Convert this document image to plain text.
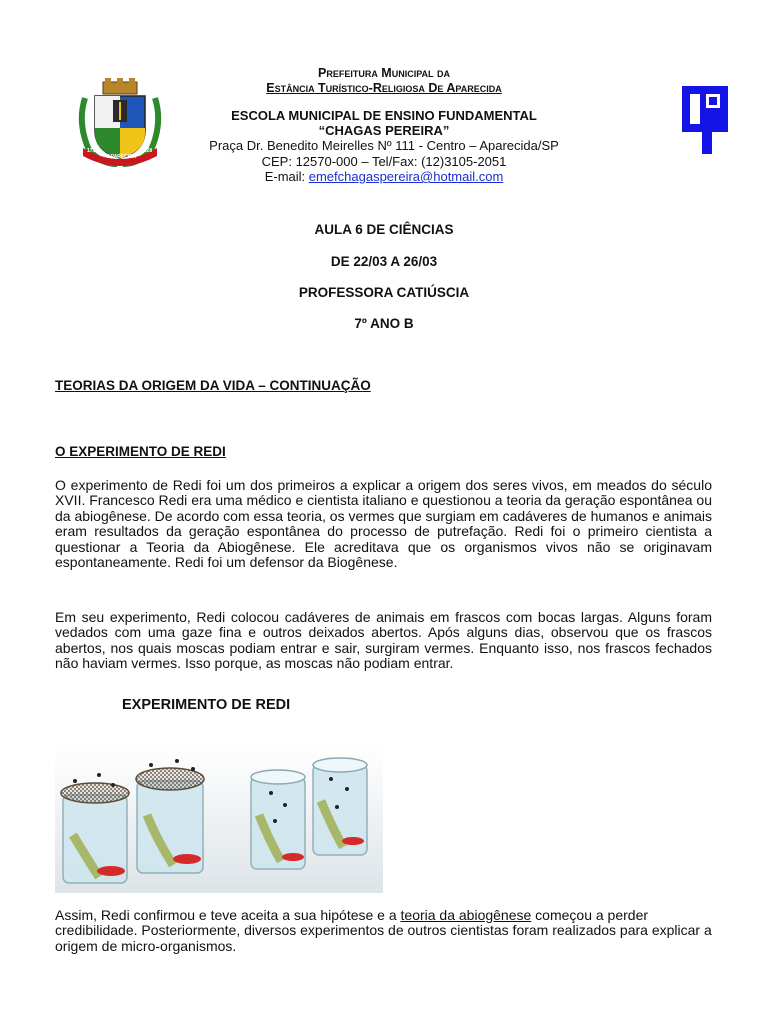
1717
APARECIDA
1928
Prefeitura Municipal da
Estância Turístico-Religiosa De Aparecida
ESCOLA MUNICIPAL DE ENSINO FUNDAMENTAL
“CHAGAS PEREIRA”
Praça Dr. Benedito Meirelles Nº 111 - Centro – Aparecida/SP
CEP: 12570-000 – Tel/Fax: (12)3105-2051
E-mail: emefchagaspereira@hotmail.com
AULA 6 DE CIÊNCIAS
DE 22/03 A 26/03
PROFESSORA CATIÚSCIA
7º ANO B
TEORIAS DA ORIGEM DA VIDA – CONTINUAÇÃO
O EXPERIMENTO DE REDI
O experimento de Redi foi um dos primeiros a explicar a origem dos seres vivos, em meados do século XVII. Francesco Redi era uma médico e cientista italiano e questionou a teoria da geração espontânea ou da abiogênese. De acordo com essa teoria, os vermes que surgiam em cadáveres de humanos e animais eram resultados da geração espontânea do processo de putrefação. Redi foi o primeiro cientista a questionar a Teoria da Abiogênese. Ele acreditava que os organismos vivos não se originavam espontaneamente. Redi foi um defensor da Biogênese.
Em seu experimento, Redi colocou cadáveres de animais em frascos com bocas largas. Alguns foram vedados com uma gaze fina e outros deixados abertos. Após alguns dias, observou que os frascos abertos, nos quais moscas podiam entrar e sair, surgiram vermes. Enquanto isso, nos frascos fechados não haviam vermes. Isso porque, as moscas não podiam entrar.
EXPERIMENTO DE REDI
Assim, Redi confirmou e teve aceita a sua hipótese e a teoria da abiogênese começou a perder credibilidade. Posteriormente, diversos experimentos de outros cientistas foram realizados para explicar a origem de micro-organismos.
